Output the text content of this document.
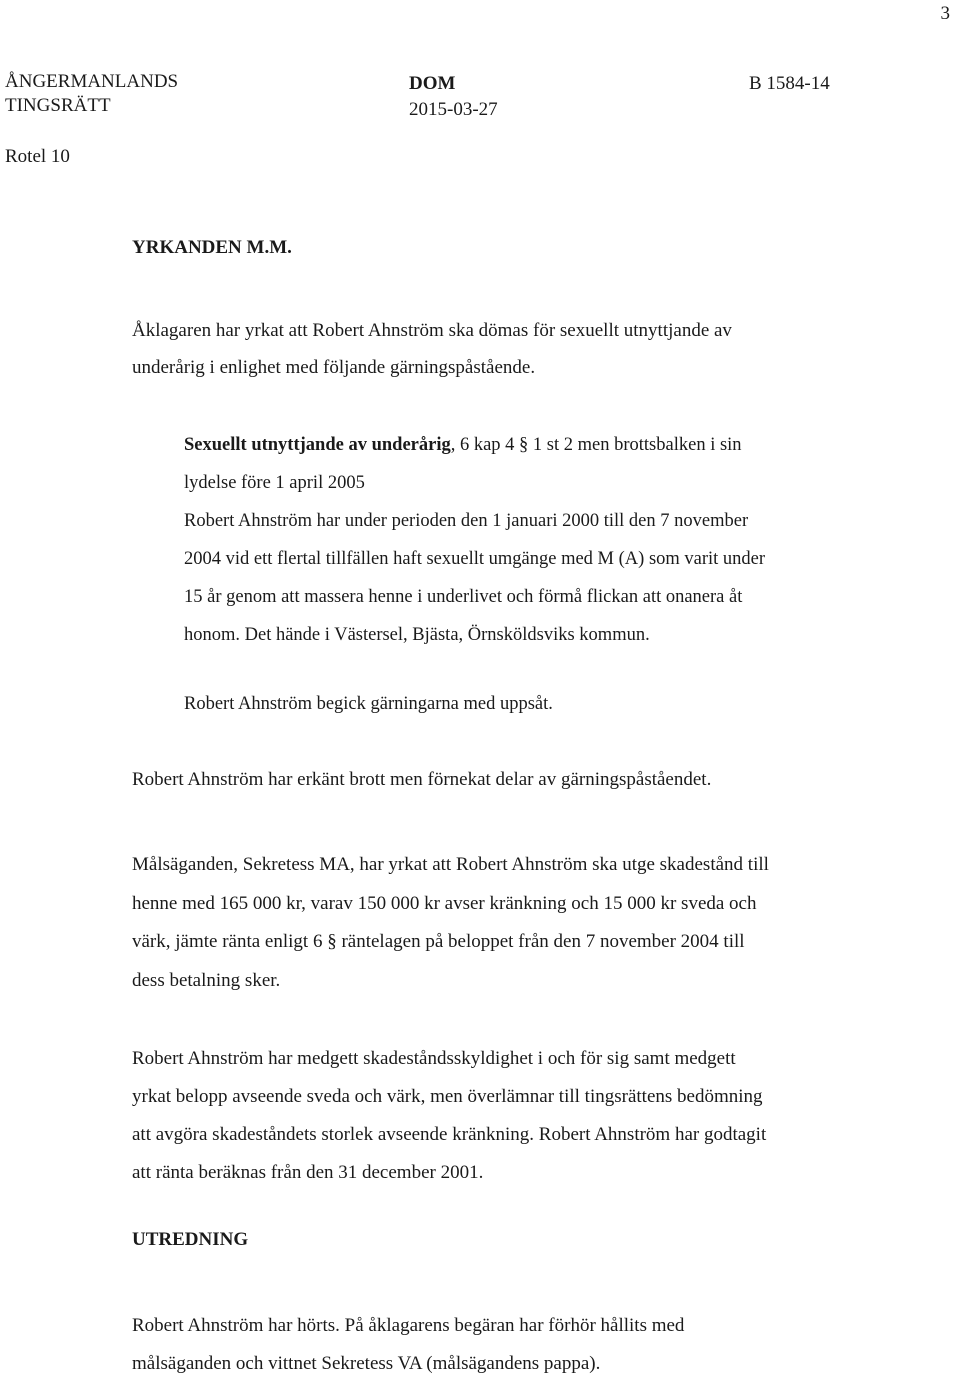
3
ÅNGERMANLANDS
TINGSRÄTT
DOM
2015-03-27
B 1584-14
Rotel 10
YRKANDEN M.M.
Åklagaren har yrkat att Robert Ahnström ska dömas för sexuellt utnyttjande av
underårig i enlighet med följande gärningspåstående.
Sexuellt utnyttjande av underårig, 6 kap 4 § 1 st 2 men brottsbalken i sin
lydelse före 1 april 2005
Robert Ahnström har under perioden den 1 januari 2000 till den 7 november
2004 vid ett flertal tillfällen haft sexuellt umgänge med M (A) som varit under
15 år genom att massera henne i underlivet och förmå flickan att onanera åt
honom. Det hände i Västersel, Bjästa, Örnsköldsviks kommun.
Robert Ahnström begick gärningarna med uppsåt.
Robert Ahnström har erkänt brott men förnekat delar av gärningspåståendet.
Målsäganden, Sekretess MA, har yrkat att Robert Ahnström ska utge skadestånd till
henne med 165 000 kr, varav 150 000 kr avser kränkning och 15 000 kr sveda och
värk, jämte ränta enligt 6 § räntelagen på beloppet från den 7 november 2004 till
dess betalning sker.
Robert Ahnström har medgett skadeståndsskyldighet i och för sig samt medgett
yrkat belopp avseende sveda och värk, men överlämnar till tingsrättens bedömning
att avgöra skadeståndets storlek avseende kränkning. Robert Ahnström har godtagit
att ränta beräknas från den 31 december 2001.
UTREDNING
Robert Ahnström har hörts. På åklagarens begäran har förhör hållits med
målsäganden och vittnet Sekretess VA (målsägandens pappa).
